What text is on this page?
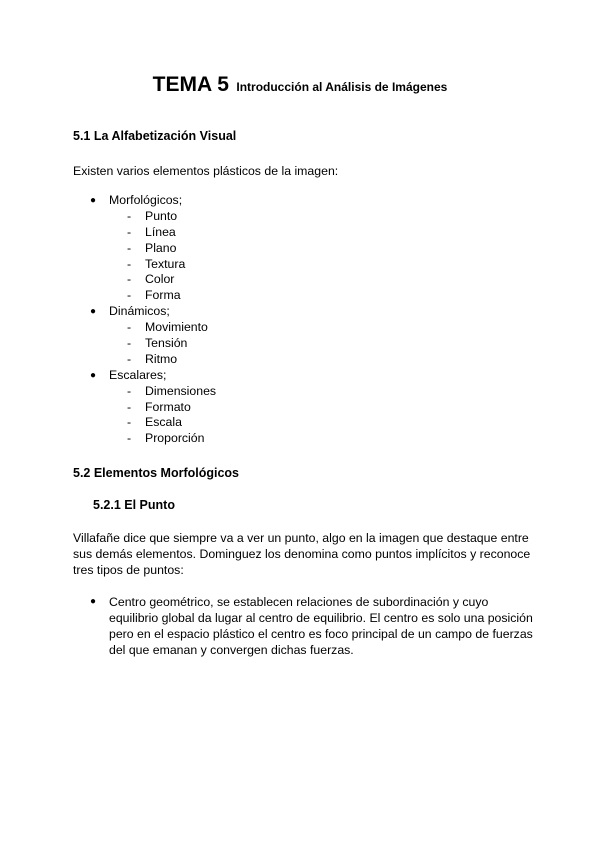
TEMA 5 Introducción al Análisis de Imágenes
5.1 La Alfabetización Visual
Existen varios elementos plásticos de la imagen:
● Morfológicos;
- Punto
- Línea
- Plano
- Textura
- Color
- Forma
● Dinámicos;
- Movimiento
- Tensión
- Ritmo
● Escalares;
- Dimensiones
- Formato
- Escala
- Proporción
5.2 Elementos Morfológicos
5.2.1 El Punto
Villafañe dice que siempre va a ver un punto, algo en la imagen que destaque entre
sus demás elementos. Dominguez los denomina como puntos implícitos y reconoce
tres tipos de puntos:
● Centro geométrico, se establecen relaciones de subordinación y cuyo
equilibrio global da lugar al centro de equilibrio. El centro es solo una posición
pero en el espacio plástico el centro es foco principal de un campo de fuerzas
del que emanan y convergen dichas fuerzas.
